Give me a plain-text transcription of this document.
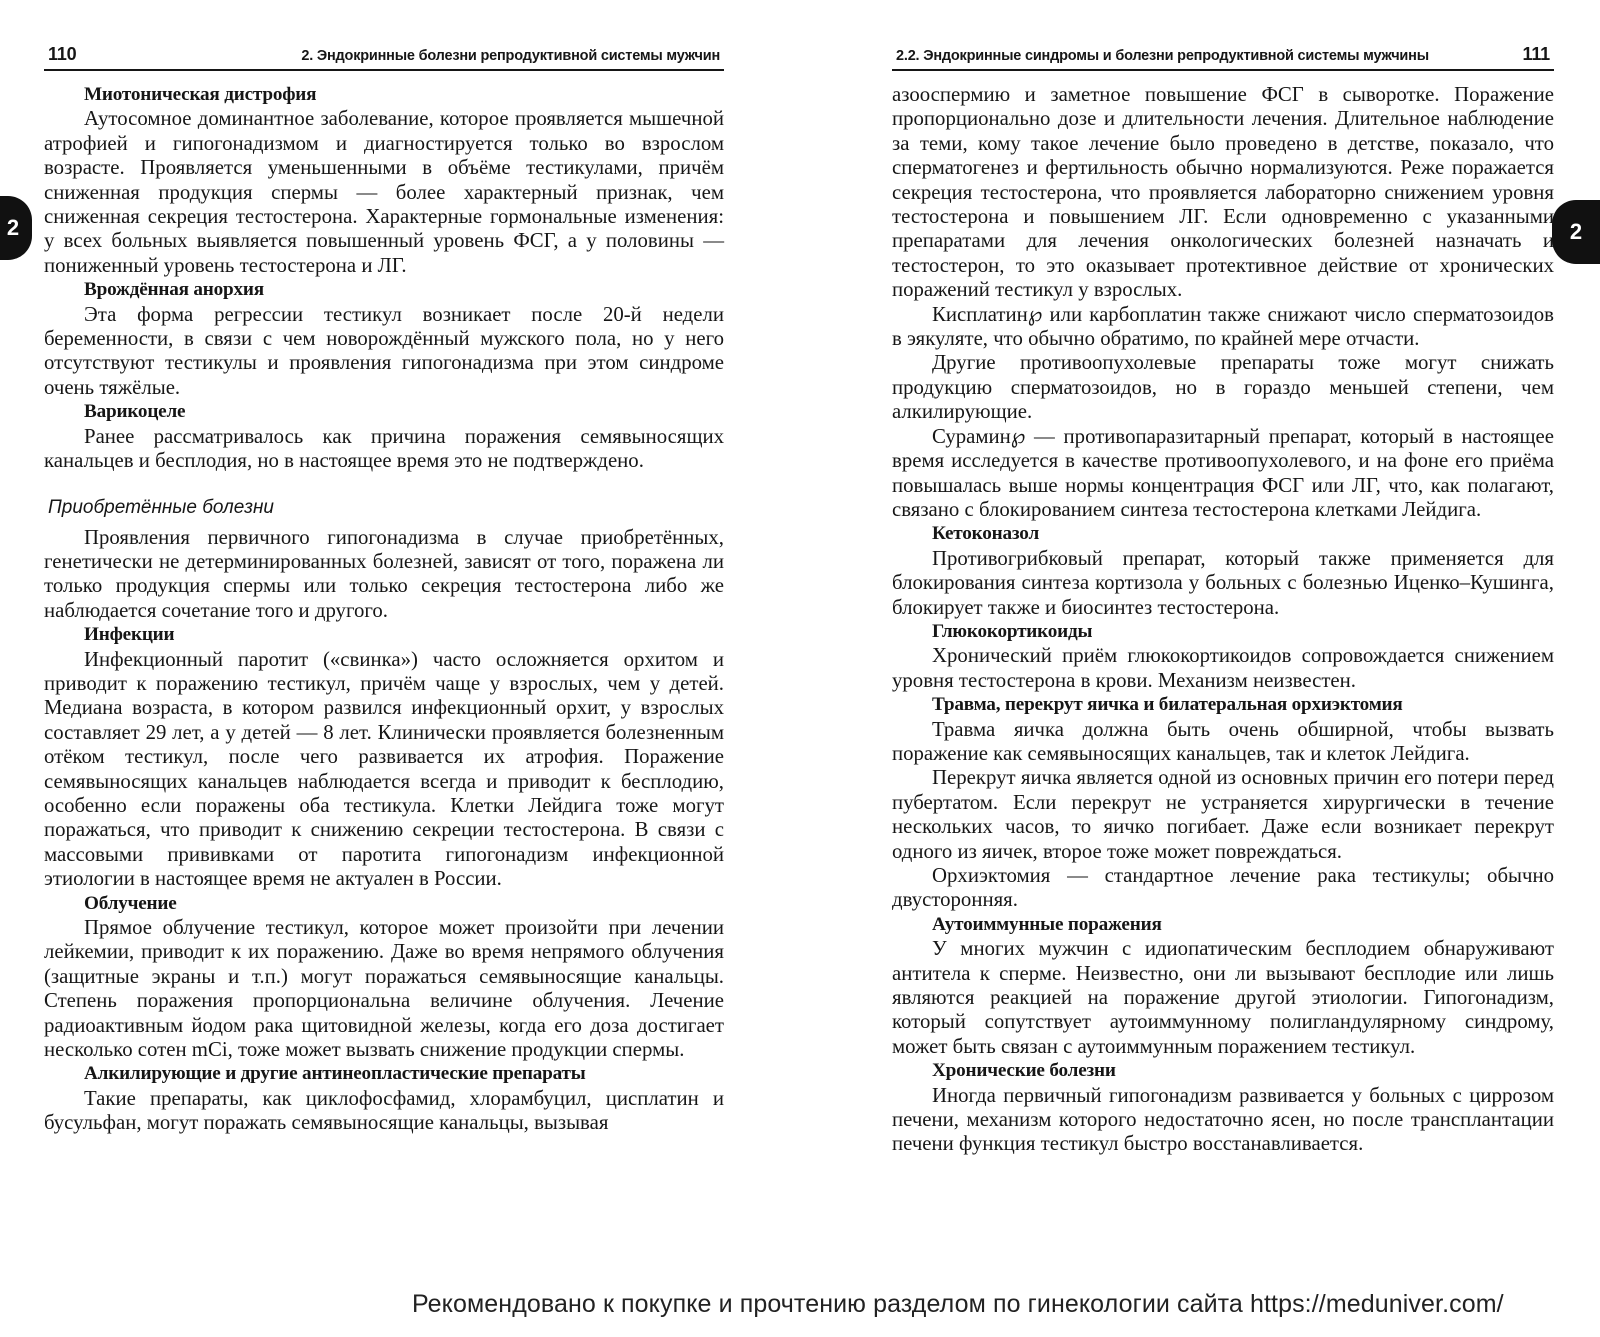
2	2
110	2. Эндокринные болезни репродуктивной системы мужчин

Миотоническая дистрофия

Аутосомное доминантное заболевание, которое проявляется мышечной атрофией и гипогонадизмом и диагностируется только во взрослом возрасте. Проявляется уменьшенными в объёме тестикулами, причём сниженная продукция спермы — более характерный признак, чем сниженная секреция тестостерона. Характерные гормональные изменения: у всех больных выявляется повышенный уровень ФСГ, а у половины — пониженный уровень тестостерона и ЛГ.

Врождённая анорхия

Эта форма регрессии тестикул возникает после 20-й недели беременности, в связи с чем новорождённый мужского пола, но у него отсутствуют тестикулы и проявления гипогонадизма при этом синдроме очень тяжёлые.

Варикоцеле

Ранее рассматривалось как причина поражения семявыносящих канальцев и бесплодия, но в настоящее время это не подтверждено.

Приобретённые болезни

Проявления первичного гипогонадизма в случае приобретённых, генетически не детерминированных болезней, зависят от того, поражена ли только продукция спермы или только секреция тестостерона либо же наблюдается сочетание того и другого.

Инфекции

Инфекционный паротит («свинка») часто осложняется орхитом и приводит к поражению тестикул, причём чаще у взрослых, чем у детей. Медиана возраста, в котором развился инфекционный орхит, у взрослых составляет 29 лет, а у детей — 8 лет. Клинически проявляется болезненным отёком тестикул, после чего развивается их атрофия. Поражение семявыносящих канальцев наблюдается всегда и приводит к бесплодию, особенно если поражены оба тестикула. Клетки Лейдига тоже могут поражаться, что приводит к снижению секреции тестостерона. В связи с массовыми прививками от паротита гипогонадизм инфекционной этиологии в настоящее время не актуален в России.

Облучение

Прямое облучение тестикул, которое может произойти при лечении лейкемии, приводит к их поражению. Даже во время непрямого облучения (защитные экраны и т.п.) могут поражаться семявыносящие канальцы. Степень поражения пропорциональна величине облучения. Лечение радиоактивным йодом рака щитовидной железы, когда его доза достигает несколько сотен mCi, тоже может вызвать снижение продукции спермы.

Алкилирующие и другие антинеопластические препараты

Такие препараты, как циклофосфамид, хлорамбуцил, цисплатин и бусульфан, могут поражать семявыносящие канальцы, вызывая

2.2. Эндокринные синдромы и болезни репродуктивной системы мужчины	111

азооспермию и заметное повышение ФСГ в сыворотке. Поражение пропорционально дозе и длительности лечения. Длительное наблюдение за теми, кому такое лечение было проведено в детстве, показало, что сперматогенез и фертильность обычно нормализуются. Реже поражается секреция тестостерона, что проявляется лабораторно снижением уровня тестостерона и повышением ЛГ. Если одновременно с указанными препаратами для лечения онкологических болезней назначать и тестостерон, то это оказывает протективное действие от хронических поражений тестикул у взрослых.

Кисплатин℘ или карбоплатин также снижают число сперматозоидов в эякуляте, что обычно обратимо, по крайней мере отчасти.

Другие противоопухолевые препараты тоже могут снижать продукцию сперматозоидов, но в гораздо меньшей степени, чем алкилирующие.

Сурамин℘ — противопаразитарный препарат, который в настоящее время исследуется в качестве противоопухолевого, и на фоне его приёма повышалась выше нормы концентрация ФСГ или ЛГ, что, как полагают, связано с блокированием синтеза тестостерона клетками Лейдига.

Кетоконазол

Противогрибковый препарат, который также применяется для блокирования синтеза кортизола у больных с болезнью Иценко–Кушинга, блокирует также и биосинтез тестостерона.

Глюкокортикоиды

Хронический приём глюкокортикоидов сопровождается снижением уровня тестостерона в крови. Механизм неизвестен.

Травма, перекрут яичка и билатеральная орхиэктомия

Травма яичка должна быть очень обширной, чтобы вызвать поражение как семявыносящих канальцев, так и клеток Лейдига.

Перекрут яичка является одной из основных причин его потери перед пубертатом. Если перекрут не устраняется хирургически в течение нескольких часов, то яичко погибает. Даже если возникает перекрут одного из яичек, второе тоже может повреждаться.

Орхиэктомия — стандартное лечение рака тестикулы; обычно двусторонняя.

Аутоиммунные поражения

У многих мужчин с идиопатическим бесплодием обнаруживают антитела к сперме. Неизвестно, они ли вызывают бесплодие или лишь являются реакцией на поражение другой этиологии. Гипогонадизм, который сопутствует аутоиммунному полигландулярному синдрому, может быть связан с аутоиммунным поражением тестикул.

Хронические болезни

Иногда первичный гипогонадизм развивается у больных с циррозом печени, механизм которого недостаточно ясен, но после трансплантации печени функция тестикул быстро восстанавливается.

Рекомендовано к покупке и прочтению разделом по гинекологии сайта https://meduniver.com/
